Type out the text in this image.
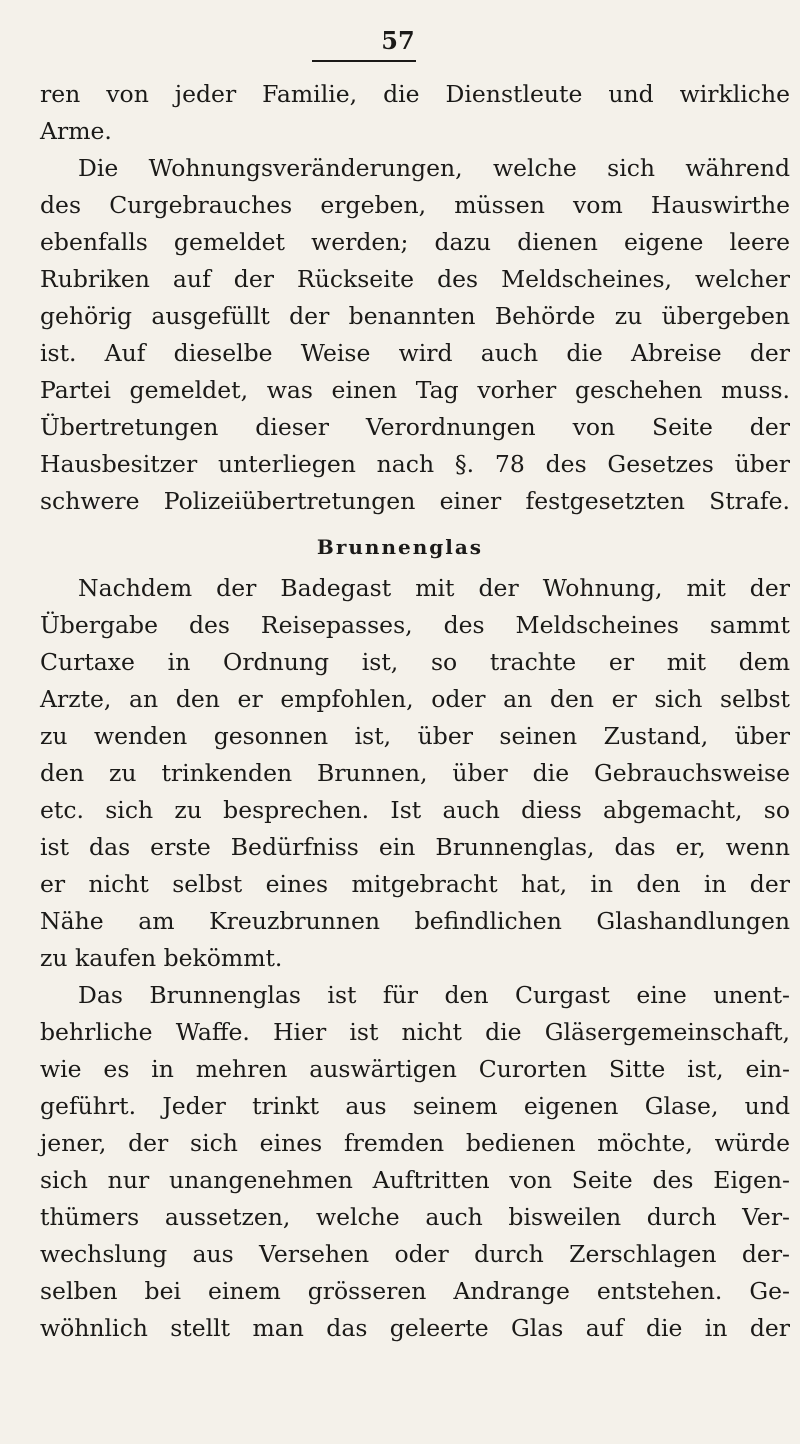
57
ren von jeder Familie, die Dienstleute und wirkliche
Arme.
Die Wohnungsveränderungen, welche sich während
des Curgebrauches ergeben, müssen vom Hauswirthe
ebenfalls gemeldet werden; dazu dienen eigene leere
Rubriken auf der Rückseite des Meldscheines, welcher
gehörig ausgefüllt der benannten Behörde zu übergeben
ist. Auf dieselbe Weise wird auch die Abreise der
Partei gemeldet, was einen Tag vorher geschehen muss.
Übertretungen dieser Verordnungen von Seite der
Hausbesitzer unterliegen nach §. 78 des Gesetzes über
schwere Polizeiübertretungen einer festgesetzten Strafe.
Brunnenglas
Nachdem der Badegast mit der Wohnung, mit der
Übergabe des Reisepasses, des Meldscheines sammt
Curtaxe in Ordnung ist, so trachte er mit dem
Arzte, an den er empfohlen, oder an den er sich selbst
zu wenden gesonnen ist, über seinen Zustand, über
den zu trinkenden Brunnen, über die Gebrauchsweise
etc. sich zu besprechen. Ist auch diess abgemacht, so
ist das erste Bedürfniss ein Brunnenglas, das er, wenn
er nicht selbst eines mitgebracht hat, in den in der
Nähe am Kreuzbrunnen befindlichen Glashandlungen
zu kaufen bekömmt.
Das Brunnenglas ist für den Curgast eine unent-
behrliche Waffe. Hier ist nicht die Gläsergemeinschaft,
wie es in mehren auswärtigen Curorten Sitte ist, ein-
geführt. Jeder trinkt aus seinem eigenen Glase, und
jener, der sich eines fremden bedienen möchte, würde
sich nur unangenehmen Auftritten von Seite des Eigen-
thümers aussetzen, welche auch bisweilen durch Ver-
wechslung aus Versehen oder durch Zerschlagen der-
selben bei einem grösseren Andrange entstehen. Ge-
wöhnlich stellt man das geleerte Glas auf die in der
